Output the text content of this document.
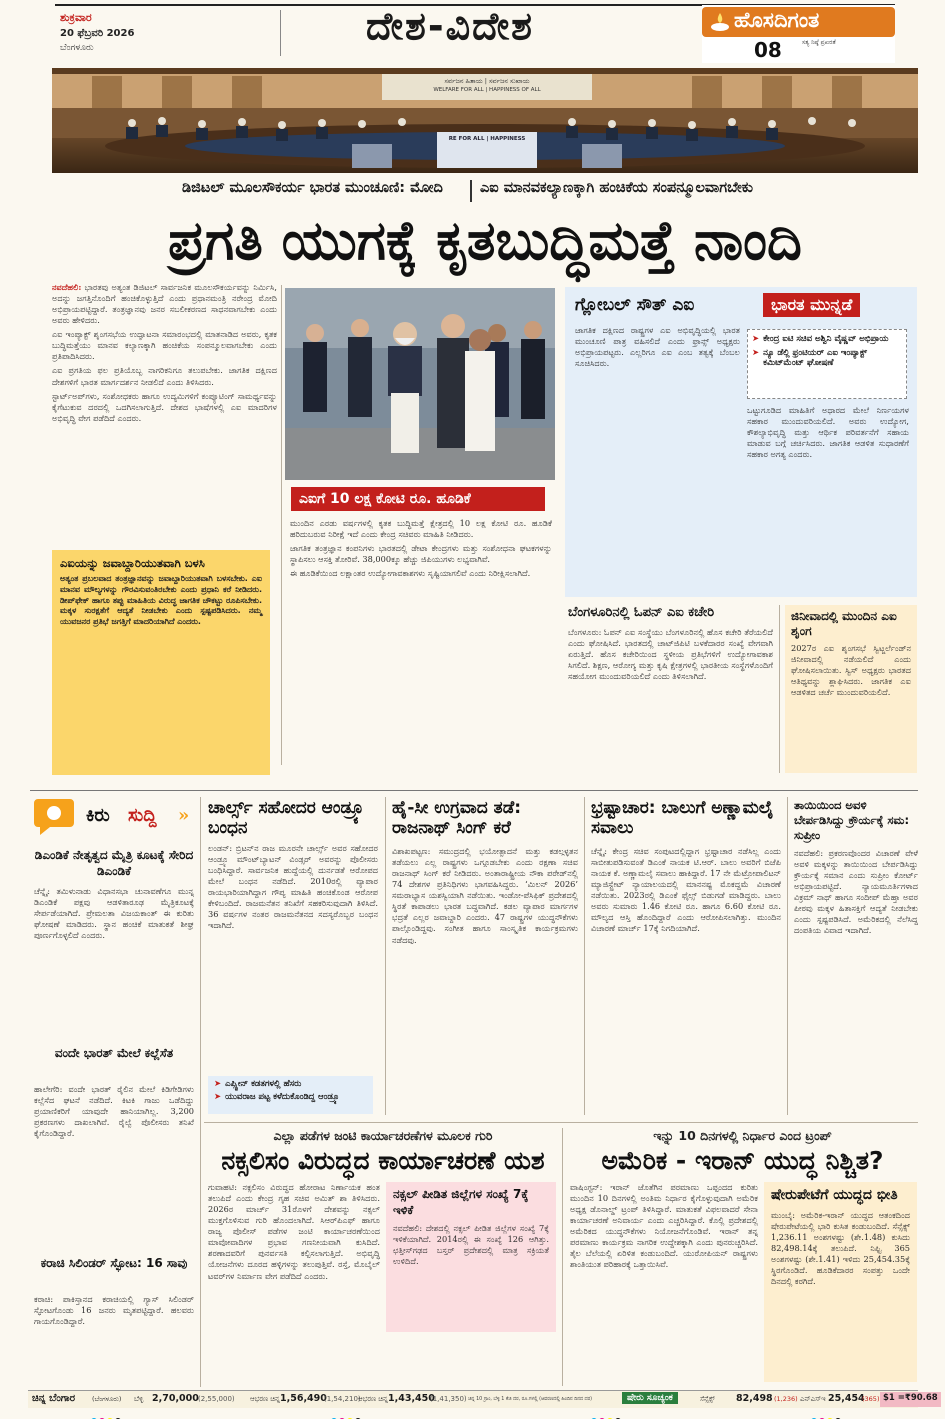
ಶುಕ್ರವಾರ
20 ಫೆಬ್ರವರಿ 2026
ಬೆಂಗಳೂರು	ದೇಶ-ವಿದೇಶ	ಹೊಸದಿಗಂತ
ಸತ್ಯ ನಿಷ್ಠೆ ಪ್ರಖರತೆ
08
ಸರ್ವಜನ ಹಿತಾಯ | ಸರ್ವಜನ ಸುಖಾಯ
WELFARE FOR ALL | HAPPINESS OF ALL
RE FOR ALL | HAPPINESS
ಡಿಜಿಟಲ್ ಮೂಲಸೌಕರ್ಯ ಭಾರತ ಮುಂಚೂಣಿ: ಮೋದಿ	ಎಐ ಮಾನವಕಲ್ಯಾಣಕ್ಕಾಗಿ ಹಂಚಿಕೆಯ ಸಂಪನ್ಮೂಲವಾಗಬೇಕು
ಪ್ರಗತಿ ಯುಗಕ್ಕೆ ಕೃತಬುದ್ಧಿಮತ್ತೆ ನಾಂದಿ

ನವದೆಹಲಿ: ಭಾರತವು ಅತ್ಯಂತ ಡಿಜಿಟಲ್ ಸಾರ್ವಜನಿಕ ಮೂಲಸೌಕರ್ಯವನ್ನು ನಿರ್ಮಿಸಿ, ಅದನ್ನು ಜಗತ್ತಿನೊಂದಿಗೆ ಹಂಚಿಕೊಳ್ಳುತ್ತಿದೆ ಎಂದು ಪ್ರಧಾನಮಂತ್ರಿ ನರೇಂದ್ರ ಮೋದಿ ಅಭಿಪ್ರಾಯಪಟ್ಟಿದ್ದಾರೆ. ತಂತ್ರಜ್ಞಾನವು ಜನರ ಸಬಲೀಕರಣದ ಸಾಧನವಾಗಬೇಕು ಎಂದು ಅವರು ಹೇಳಿದರು.

ಎಐ ಇಂಪ್ಯಾಕ್ಟ್ ಶೃಂಗಸಭೆಯ ಉದ್ಘಾಟನಾ ಸಮಾರಂಭದಲ್ಲಿ ಮಾತನಾಡಿದ ಅವರು, ಕೃತಕ ಬುದ್ಧಿಮತ್ತೆಯು ಮಾನವ ಕಲ್ಯಾಣಕ್ಕಾಗಿ ಹಂಚಿಕೆಯ ಸಂಪನ್ಮೂಲವಾಗಬೇಕು ಎಂದು ಪ್ರತಿಪಾದಿಸಿದರು.

ಎಐ ಪ್ರಗತಿಯ ಫಲ ಪ್ರತಿಯೊಬ್ಬ ನಾಗರಿಕನಿಗೂ ತಲುಪಬೇಕು. ಜಾಗತಿಕ ದಕ್ಷಿಣದ ದೇಶಗಳಿಗೆ ಭಾರತ ಮಾರ್ಗದರ್ಶನ ನೀಡಲಿದೆ ಎಂದು ತಿಳಿಸಿದರು.

ಸ್ಟಾರ್ಟ್ಅಪ್‌ಗಳು, ಸಂಶೋಧಕರು ಹಾಗೂ ಉದ್ಯಮಿಗಳಿಗೆ ಕಂಪ್ಯೂಟಿಂಗ್ ಸಾಮರ್ಥ್ಯವನ್ನು ಕೈಗೆಟುಕುವ ದರದಲ್ಲಿ ಒದಗಿಸಲಾಗುತ್ತಿದೆ. ದೇಶದ ಭಾಷೆಗಳಲ್ಲಿ ಎಐ ಮಾದರಿಗಳ ಅಭಿವೃದ್ಧಿ ವೇಗ ಪಡೆದಿದೆ ಎಂದರು.

ಎಐಯನ್ನು ಜವಾಬ್ದಾರಿಯುತವಾಗಿ ಬಳಸಿ
ಅತ್ಯಂತ ಪ್ರಬಲವಾದ ತಂತ್ರಜ್ಞಾನವನ್ನು ಜವಾಬ್ದಾರಿಯುತವಾಗಿ ಬಳಸಬೇಕು. ಎಐ ಮಾನವ ಮೌಲ್ಯಗಳನ್ನು ಗೌರವಿಸುವಂತಿರಬೇಕು ಎಂದು ಪ್ರಧಾನಿ ಕರೆ ನೀಡಿದರು. ಡೀಪ್‌ಫೇಕ್ ಹಾಗೂ ತಪ್ಪು ಮಾಹಿತಿಯ ವಿರುದ್ಧ ಜಾಗತಿಕ ಚೌಕಟ್ಟು ರೂಪಿಸಬೇಕು. ಮಕ್ಕಳ ಸುರಕ್ಷತೆಗೆ ಆದ್ಯತೆ ನೀಡಬೇಕು ಎಂದು ಸ್ಪಷ್ಟಪಡಿಸಿದರು. ನಮ್ಮ ಯುವಜನರ ಪ್ರತಿಭೆ ಜಗತ್ತಿಗೆ ಮಾದರಿಯಾಗಿದೆ ಎಂದರು.
ಎಐಗೆ 10 ಲಕ್ಷ ಕೋಟಿ ರೂ. ಹೂಡಿಕೆ

ಮುಂದಿನ ಎರಡು ವರ್ಷಗಳಲ್ಲಿ ಕೃತಕ ಬುದ್ಧಿಮತ್ತೆ ಕ್ಷೇತ್ರದಲ್ಲಿ 10 ಲಕ್ಷ ಕೋಟಿ ರೂ. ಹೂಡಿಕೆ ಹರಿದುಬರುವ ನಿರೀಕ್ಷೆ ಇದೆ ಎಂದು ಕೇಂದ್ರ ಸಚಿವರು ಮಾಹಿತಿ ನೀಡಿದರು.

ಜಾಗತಿಕ ತಂತ್ರಜ್ಞಾನ ಕಂಪನಿಗಳು ಭಾರತದಲ್ಲಿ ಡೇಟಾ ಕೇಂದ್ರಗಳು ಮತ್ತು ಸಂಶೋಧನಾ ಘಟಕಗಳನ್ನು ಸ್ಥಾಪಿಸಲು ಆಸಕ್ತಿ ತೋರಿವೆ. 38,000ಕ್ಕೂ ಹೆಚ್ಚು ಜಿಪಿಯುಗಳು ಲಭ್ಯವಾಗಿವೆ.

ಈ ಹೂಡಿಕೆಯಿಂದ ಲಕ್ಷಾಂತರ ಉದ್ಯೋಗಾವಕಾಶಗಳು ಸೃಷ್ಟಿಯಾಗಲಿವೆ ಎಂದು ನಿರೀಕ್ಷಿಸಲಾಗಿದೆ.

ಗ್ಲೋಬಲ್ ಸೌತ್ ಎಐ	ಭಾರತ ಮುನ್ನಡೆ
ಜಾಗತಿಕ ದಕ್ಷಿಣದ ರಾಷ್ಟ್ರಗಳ ಎಐ ಅಭಿವೃದ್ಧಿಯಲ್ಲಿ ಭಾರತ ಮುಂಚೂಣಿ ಪಾತ್ರ ವಹಿಸಲಿದೆ ಎಂದು ಫ್ರಾನ್ಸ್ ಅಧ್ಯಕ್ಷರು ಅಭಿಪ್ರಾಯಪಟ್ಟರು. ಎಲ್ಲರಿಗೂ ಎಐ ಎಂಬ ತತ್ವಕ್ಕೆ ಬೆಂಬಲ ಸೂಚಿಸಿದರು.
➤ ಕೇಂದ್ರ ಐಟಿ ಸಚಿವ ಅಶ್ವಿನಿ ವೈಷ್ಣವ್ ಅಭಿಪ್ರಾಯ
➤ ನ್ಯೂ ಡೆಲ್ಲಿ ಫ್ರಂಟಿಯರ್ ಎಐ ಇಂಪ್ಯಾಕ್ಟ್ ಕಮಿಟ್‌ಮೆಂಟ್ ಘೋಷಣೆ
ಒಟ್ಟುಗೂಡಿದ ಮಾಹಿತಿಗೆ ಅಧಾರದ ಮೇಲೆ ನಿರ್ಣಯಗಳ ಸಹಕಾರ ಮುಂದುವರಿಯಲಿದೆ. ಅವರು ಉದ್ಯೋಗ, ಕೌಶಲ್ಯಾಭಿವೃದ್ಧಿ ಮತ್ತು ಆರ್ಥಿಕ ಪರಿವರ್ತನೆಗೆ ಸಹಾಯ ಮಾಡುವ ಬಗ್ಗೆ ಚರ್ಚಿಸಿದರು. ಜಾಗತಿಕ ಆಡಳಿತ ಸುಧಾರಣೆಗೆ ಸಹಕಾರ ಅಗತ್ಯ ಎಂದರು.
ಬೆಂಗಳೂರಿನಲ್ಲಿ ಓಪನ್ ಎಐ ಕಚೇರಿ
ಬೆಂಗಳೂರು: ಓಪನ್ ಎಐ ಸಂಸ್ಥೆಯು ಬೆಂಗಳೂರಿನಲ್ಲಿ ಹೊಸ ಕಚೇರಿ ತೆರೆಯಲಿದೆ ಎಂದು ಘೋಷಿಸಿದೆ. ಭಾರತದಲ್ಲಿ ಚಾಟ್‌ಜಿಪಿಟಿ ಬಳಕೆದಾರರ ಸಂಖ್ಯೆ ವೇಗವಾಗಿ ಏರುತ್ತಿದೆ. ಹೊಸ ಕಚೇರಿಯಿಂದ ಸ್ಥಳೀಯ ಪ್ರತಿಭೆಗಳಿಗೆ ಉದ್ಯೋಗಾವಕಾಶ ಸಿಗಲಿದೆ. ಶಿಕ್ಷಣ, ಆರೋಗ್ಯ ಮತ್ತು ಕೃಷಿ ಕ್ಷೇತ್ರಗಳಲ್ಲಿ ಭಾರತೀಯ ಸಂಸ್ಥೆಗಳೊಂದಿಗೆ ಸಹಯೋಗ ಮುಂದುವರಿಯಲಿದೆ ಎಂದು ತಿಳಿಸಲಾಗಿದೆ.
ಜಿನೀವಾದಲ್ಲಿ ಮುಂದಿನ ಎಐ ಶೃಂಗ
2027ರ ಎಐ ಶೃಂಗಸಭೆ ಸ್ವಿಟ್ಜರ್ಲೆಂಡ್‌ನ ಜಿನೀವಾದಲ್ಲಿ ನಡೆಯಲಿದೆ ಎಂದು ಘೋಷಿಸಲಾಯಿತು. ಸ್ವಿಸ್ ಅಧ್ಯಕ್ಷರು ಭಾರತದ ಆತಿಥ್ಯವನ್ನು ಶ್ಲಾಘಿಸಿದರು. ಜಾಗತಿಕ ಎಐ ಆಡಳಿತದ ಚರ್ಚೆ ಮುಂದುವರಿಯಲಿದೆ.
ಕಿರು ಸುದ್ದಿ »
ಡಿಎಂಡಿಕೆ ನೇತೃತ್ವದ ಮೈತ್ರಿ ಕೂಟಕ್ಕೆ ಸೇರಿದ ಡಿಎಂಡಿಕೆ
ಚೆನ್ನೈ: ತಮಿಳುನಾಡು ವಿಧಾನಸಭಾ ಚುನಾವಣೆಗೂ ಮುನ್ನ ಡಿಎಂಡಿಕೆ ಪಕ್ಷವು ಆಡಳಿತಾರೂಢ ಮೈತ್ರಿಕೂಟಕ್ಕೆ ಸೇರ್ಪಡೆಯಾಗಿದೆ. ಪ್ರೇಮಲತಾ ವಿಜಯಕಾಂತ್ ಈ ಕುರಿತು ಘೋಷಣೆ ಮಾಡಿದರು. ಸ್ಥಾನ ಹಂಚಿಕೆ ಮಾತುಕತೆ ಶೀಘ್ರ ಪೂರ್ಣಗೊಳ್ಳಲಿದೆ ಎಂದರು.
ವಂದೇ ಭಾರತ್ ಮೇಲೆ ಕಲ್ಲೆಸೆತ
ಹಾಲೇಗೆರಿ: ವಂದೇ ಭಾರತ್ ರೈಲಿನ ಮೇಲೆ ಕಿಡಿಗೇಡಿಗಳು ಕಲ್ಲೆಸೆದ ಘಟನೆ ನಡೆದಿದೆ. ಕಿಟಕಿ ಗಾಜು ಒಡೆದಿದ್ದು ಪ್ರಯಾಣಿಕರಿಗೆ ಯಾವುದೇ ಹಾನಿಯಾಗಿಲ್ಲ. 3,200 ಪ್ರಕರಣಗಳು ದಾಖಲಾಗಿವೆ. ರೈಲ್ವೆ ಪೊಲೀಸರು ತನಿಖೆ ಕೈಗೊಂಡಿದ್ದಾರೆ.
ಕರಾಚಿ ಸಿಲಿಂಡರ್ ಸ್ಫೋಟ: 16 ಸಾವು
ಕರಾಚಿ: ಪಾಕಿಸ್ತಾನದ ಕರಾಚಿಯಲ್ಲಿ ಗ್ಯಾಸ್ ಸಿಲಿಂಡರ್ ಸ್ಫೋಟಗೊಂಡು 16 ಜನರು ಮೃತಪಟ್ಟಿದ್ದಾರೆ. ಹಲವರು ಗಾಯಗೊಂಡಿದ್ದಾರೆ.
ಚಾರ್ಲ್ಸ್ ಸಹೋದರ ಆಂಡ್ರ್ಯೂ ಬಂಧನ
ಲಂಡನ್: ಬ್ರಿಟನ್‌ನ ರಾಜ ಮೂರನೇ ಚಾರ್ಲ್ಸ್ ಅವರ ಸಹೋದರ ಆಂಡ್ರ್ಯೂ ಮೌಂಟ್‌ಬ್ಯಾಟನ್ ವಿಂಡ್ಸರ್ ಅವರನ್ನು ಪೊಲೀಸರು ಬಂಧಿಸಿದ್ದಾರೆ. ಸಾರ್ವಜನಿಕ ಹುದ್ದೆಯಲ್ಲಿ ದುರ್ನಡತೆ ಆರೋಪದ ಮೇಲೆ ಬಂಧನ ನಡೆದಿದೆ. 2010ರಲ್ಲಿ ವ್ಯಾಪಾರ ರಾಯಭಾರಿಯಾಗಿದ್ದಾಗ ಗೌಪ್ಯ ಮಾಹಿತಿ ಹಂಚಿಕೊಂಡ ಆರೋಪ ಕೇಳಿಬಂದಿದೆ. ರಾಜಮನೆತನ ತನಿಖೆಗೆ ಸಹಕರಿಸುವುದಾಗಿ ತಿಳಿಸಿದೆ. 36 ವರ್ಷಗಳ ನಂತರ ರಾಜಮನೆತನದ ಸದಸ್ಯರೊಬ್ಬರ ಬಂಧನ ಇದಾಗಿದೆ.
➤ ಎಪ್ಸ್ಟೀನ್‌ ಕಡತಗಳಲ್ಲಿ ಹೆಸರು
➤ ಯುವರಾಜ ಪಟ್ಟ ಕಳೆದುಕೊಂಡಿದ್ದ ಆಂಡ್ರ್ಯೂ
ಹೈ-ಸೀ ಉಗ್ರವಾದ ತಡೆ: ರಾಜನಾಥ್ ಸಿಂಗ್ ಕರೆ
ವಿಶಾಖಪಟ್ಟಣ: ಸಮುದ್ರದಲ್ಲಿ ಭಯೋತ್ಪಾದನೆ ಮತ್ತು ಕಡಲ್ಗಳ್ಳತನ ತಡೆಯಲು ಎಲ್ಲ ರಾಷ್ಟ್ರಗಳು ಒಗ್ಗೂಡಬೇಕು ಎಂದು ರಕ್ಷಣಾ ಸಚಿವ ರಾಜನಾಥ್ ಸಿಂಗ್ ಕರೆ ನೀಡಿದರು. ಅಂತಾರಾಷ್ಟ್ರೀಯ ನೌಕಾ ಪರೇಡ್‌ನಲ್ಲಿ 74 ದೇಶಗಳ ಪ್ರತಿನಿಧಿಗಳು ಭಾಗವಹಿಸಿದ್ದರು. ‘ಮಿಲನ್ 2026’ ಸಮರಾಭ್ಯಾಸ ಯಶಸ್ವಿಯಾಗಿ ನಡೆಯಿತು. ಇಂಡೋ-ಪೆಸಿಫಿಕ್ ಪ್ರದೇಶದಲ್ಲಿ ಸ್ಥಿರತೆ ಕಾಪಾಡಲು ಭಾರತ ಬದ್ಧವಾಗಿದೆ. ಕಡಲ ವ್ಯಾಪಾರ ಮಾರ್ಗಗಳ ಭದ್ರತೆ ಎಲ್ಲರ ಜವಾಬ್ದಾರಿ ಎಂದರು. 47 ರಾಷ್ಟ್ರಗಳ ಯುದ್ಧನೌಕೆಗಳು ಪಾಲ್ಗೊಂಡಿದ್ದವು. ಸಂಗೀತ ಹಾಗೂ ಸಾಂಸ್ಕೃತಿಕ ಕಾರ್ಯಕ್ರಮಗಳು ನಡೆದವು.
ಭ್ರಷ್ಟಾಚಾರ: ಬಾಲುಗೆ ಅಣ್ಣಾಮಲೈ ಸವಾಲು
ಚೆನ್ನೈ: ಕೇಂದ್ರ ಸಚಿವ ಸಂಪುಟದಲ್ಲಿದ್ದಾಗ ಭ್ರಷ್ಟಾಚಾರ ನಡೆಸಿಲ್ಲ ಎಂದು ಸಾಬೀತುಪಡಿಸುವಂತೆ ಡಿಎಂಕೆ ನಾಯಕ ಟಿ.ಆರ್. ಬಾಲು ಅವರಿಗೆ ಬಿಜೆಪಿ ನಾಯಕ ಕೆ. ಅಣ್ಣಾಮಲೈ ಸವಾಲು ಹಾಕಿದ್ದಾರೆ. 17 ನೇ ಮೆಟ್ರೋಪಾಲಿಟನ್ ಮ್ಯಾಜಿಸ್ಟ್ರೇಟ್ ನ್ಯಾಯಾಲಯದಲ್ಲಿ ಮಾನನಷ್ಟ ಮೊಕದ್ದಮೆ ವಿಚಾರಣೆ ನಡೆಯಿತು. 2023ರಲ್ಲಿ ಡಿಎಂಕೆ ಫೈಲ್ಸ್ ಬಿಡುಗಡೆ ಮಾಡಿದ್ದರು. ಬಾಲು ಅವರು ಸುಮಾರು 1.46 ಕೋಟಿ ರೂ. ಹಾಗೂ 6.60 ಕೋಟಿ ರೂ. ಮೌಲ್ಯದ ಆಸ್ತಿ ಹೊಂದಿದ್ದಾರೆ ಎಂದು ಆರೋಪಿಸಲಾಗಿತ್ತು. ಮುಂದಿನ ವಿಚಾರಣೆ ಮಾರ್ಚ್ 17ಕ್ಕೆ ನಿಗದಿಯಾಗಿದೆ.
ತಾಯಿಯಿಂದ ಅವಳಿ ಬೇರ್ಪಡಿಸಿದ್ದು ಕ್ರೌರ್ಯಕ್ಕೆ ಸಮ: ಸುಪ್ರೀಂ
ನವದೆಹಲಿ: ಪ್ರಕರಣವೊಂದರ ವಿಚಾರಣೆ ವೇಳೆ ಅವಳಿ ಮಕ್ಕಳನ್ನು ತಾಯಿಯಿಂದ ಬೇರ್ಪಡಿಸಿದ್ದು ಕ್ರೌರ್ಯಕ್ಕೆ ಸಮಾನ ಎಂದು ಸುಪ್ರೀಂ ಕೋರ್ಟ್ ಅಭಿಪ್ರಾಯಪಟ್ಟಿದೆ. ನ್ಯಾಯಮೂರ್ತಿಗಳಾದ ವಿಕ್ರಮ್ ನಾಥ್ ಹಾಗೂ ಸಂದೀಪ್ ಮೆಹ್ತಾ ಅವರ ಪೀಠವು ಮಕ್ಕಳ ಹಿತಾಸಕ್ತಿಗೆ ಆದ್ಯತೆ ನೀಡಬೇಕು ಎಂದು ಸ್ಪಷ್ಟಪಡಿಸಿದೆ. ಅಮೆರಿಕದಲ್ಲಿ ನೆಲೆಸಿದ್ದ ದಂಪತಿಯ ವಿವಾದ ಇದಾಗಿದೆ.
ಎಲ್ಲಾ ಪಡೆಗಳ ಜಂಟಿ ಕಾರ್ಯಾಚರಣೆಗಳ ಮೂಲಕ ಗುರಿ
ನಕ್ಸಲಿಸಂ ವಿರುದ್ಧದ ಕಾರ್ಯಾಚರಣೆ ಯಶ
ಗುವಾಹಟಿ: ನಕ್ಸಲಿಸಂ ವಿರುದ್ಧದ ಹೋರಾಟ ನಿರ್ಣಾಯಕ ಹಂತ ತಲುಪಿದೆ ಎಂದು ಕೇಂದ್ರ ಗೃಹ ಸಚಿವ ಅಮಿತ್ ಶಾ ತಿಳಿಸಿದರು. 2026ರ ಮಾರ್ಚ್ 31ರೊಳಗೆ ದೇಶವನ್ನು ನಕ್ಸಲ್ ಮುಕ್ತಗೊಳಿಸುವ ಗುರಿ ಹೊಂದಲಾಗಿದೆ. ಸಿಆರ್‌ಪಿಎಫ್ ಹಾಗೂ ರಾಜ್ಯ ಪೊಲೀಸ್ ಪಡೆಗಳ ಜಂಟಿ ಕಾರ್ಯಾಚರಣೆಯಿಂದ ಮಾವೋವಾದಿಗಳ ಪ್ರಭಾವ ಗಣನೀಯವಾಗಿ ಕುಸಿದಿದೆ. ಶರಣಾದವರಿಗೆ ಪುನರ್ವಸತಿ ಕಲ್ಪಿಸಲಾಗುತ್ತಿದೆ. ಅಭಿವೃದ್ಧಿ ಯೋಜನೆಗಳು ದೂರದ ಹಳ್ಳಿಗಳನ್ನು ತಲುಪುತ್ತಿವೆ. ರಸ್ತೆ, ಮೊಬೈಲ್ ಟವರ್‌ಗಳ ನಿರ್ಮಾಣ ವೇಗ ಪಡೆದಿದೆ ಎಂದರು.
ನಕ್ಸಲ್ ಪೀಡಿತ ಜಿಲ್ಲೆಗಳ ಸಂಖ್ಯೆ 7ಕ್ಕೆ ಇಳಿಕೆ
ನವದೆಹಲಿ: ದೇಶದಲ್ಲಿ ನಕ್ಸಲ್ ಪೀಡಿತ ಜಿಲ್ಲೆಗಳ ಸಂಖ್ಯೆ 7ಕ್ಕೆ ಇಳಿಕೆಯಾಗಿದೆ. 2014ರಲ್ಲಿ ಈ ಸಂಖ್ಯೆ 126 ಆಗಿತ್ತು. ಛತ್ತೀಸ್‌ಗಢದ ಬಸ್ತರ್ ಪ್ರದೇಶದಲ್ಲಿ ಮಾತ್ರ ಸಕ್ರಿಯತೆ ಉಳಿದಿದೆ.
ಇನ್ನು 10 ದಿನಗಳಲ್ಲಿ ನಿರ್ಧಾರ ಎಂದ ಟ್ರಂಪ್
ಅಮೆರಿಕ - ಇರಾನ್ ಯುದ್ಧ ನಿಶ್ಚಿತ?
ವಾಷಿಂಗ್ಟನ್: ಇರಾನ್ ಜೊತೆಗಿನ ಪರಮಾಣು ಒಪ್ಪಂದದ ಕುರಿತು ಮುಂದಿನ 10 ದಿನಗಳಲ್ಲಿ ಅಂತಿಮ ನಿರ್ಧಾರ ಕೈಗೊಳ್ಳುವುದಾಗಿ ಅಮೆರಿಕ ಅಧ್ಯಕ್ಷ ಡೊನಾಲ್ಡ್ ಟ್ರಂಪ್ ತಿಳಿಸಿದ್ದಾರೆ. ಮಾತುಕತೆ ವಿಫಲವಾದರೆ ಸೇನಾ ಕಾರ್ಯಾಚರಣೆ ಅನಿವಾರ್ಯ ಎಂದು ಎಚ್ಚರಿಸಿದ್ದಾರೆ. ಕೊಲ್ಲಿ ಪ್ರದೇಶದಲ್ಲಿ ಅಮೆರಿಕದ ಯುದ್ಧನೌಕೆಗಳು ನಿಯೋಜನೆಗೊಂಡಿವೆ. ಇರಾನ್ ತನ್ನ ಪರಮಾಣು ಕಾರ್ಯಕ್ರಮ ನಾಗರಿಕ ಉದ್ದೇಶಕ್ಕಾಗಿ ಎಂದು ಪುನರುಚ್ಚರಿಸಿದೆ. ತೈಲ ಬೆಲೆಯಲ್ಲಿ ಏರಿಳಿತ ಕಂಡುಬಂದಿದೆ. ಯುರೋಪಿಯನ್ ರಾಷ್ಟ್ರಗಳು ಶಾಂತಿಯುತ ಪರಿಹಾರಕ್ಕೆ ಒತ್ತಾಯಿಸಿವೆ.
ಷೇರುಪೇಟೆಗೆ ಯುದ್ಧದ ಭೀತಿ
ಮುಂಬೈ: ಅಮೆರಿಕ-ಇರಾನ್ ಯುದ್ಧದ ಆತಂಕದಿಂದ ಷೇರುಪೇಟೆಯಲ್ಲಿ ಭಾರಿ ಕುಸಿತ ಕಂಡುಬಂದಿದೆ. ಸೆನ್ಸೆಕ್ಸ್ 1,236.11 ಅಂಶಗಳಷ್ಟು (ಶೇ.1.48) ಕುಸಿದು 82,498.14ಕ್ಕೆ ತಲುಪಿದೆ. ನಿಫ್ಟಿ 365 ಅಂಶಗಳಷ್ಟು (ಶೇ.1.41) ಇಳಿದು 25,454.35ಕ್ಕೆ ಸ್ಥಿರಗೊಂಡಿದೆ. ಹೂಡಿಕೆದಾರರ ಸಂಪತ್ತು ಒಂದೇ ದಿನದಲ್ಲಿ ಕರಗಿದೆ.
ಚಿನ್ನ ಬೆಂಗಾರ	(ಬೆಂಗಳೂರು) ಬೆಳ್ಳಿ 2,70,000 (2,55,000) ಆಭರಣ ಚಿನ್ನ 1,56,490
(1,54,210)
ಆಭರಣ ಚಿನ್ನ 1,43,450
(1,41,350) ಚಿನ್ನ 10 ಗ್ರಾಂ, ಬೆಳ್ಳಿ 1 ಕೆಜಿ ದರ, ರೂ.ಗಳಲ್ಲಿ (ಆವರಣದಲ್ಲಿ ಹಿಂದಿನ ದಿನದ ದರ)	ಷೇರು ಸೂಚ್ಯಂಕ	ಸೆನ್ಸೆಕ್ಸ್ 82,498 (1,236) ಎನ್‌ಎಸ್‌ಇ 25,454
(365) $1 =₹90.68
